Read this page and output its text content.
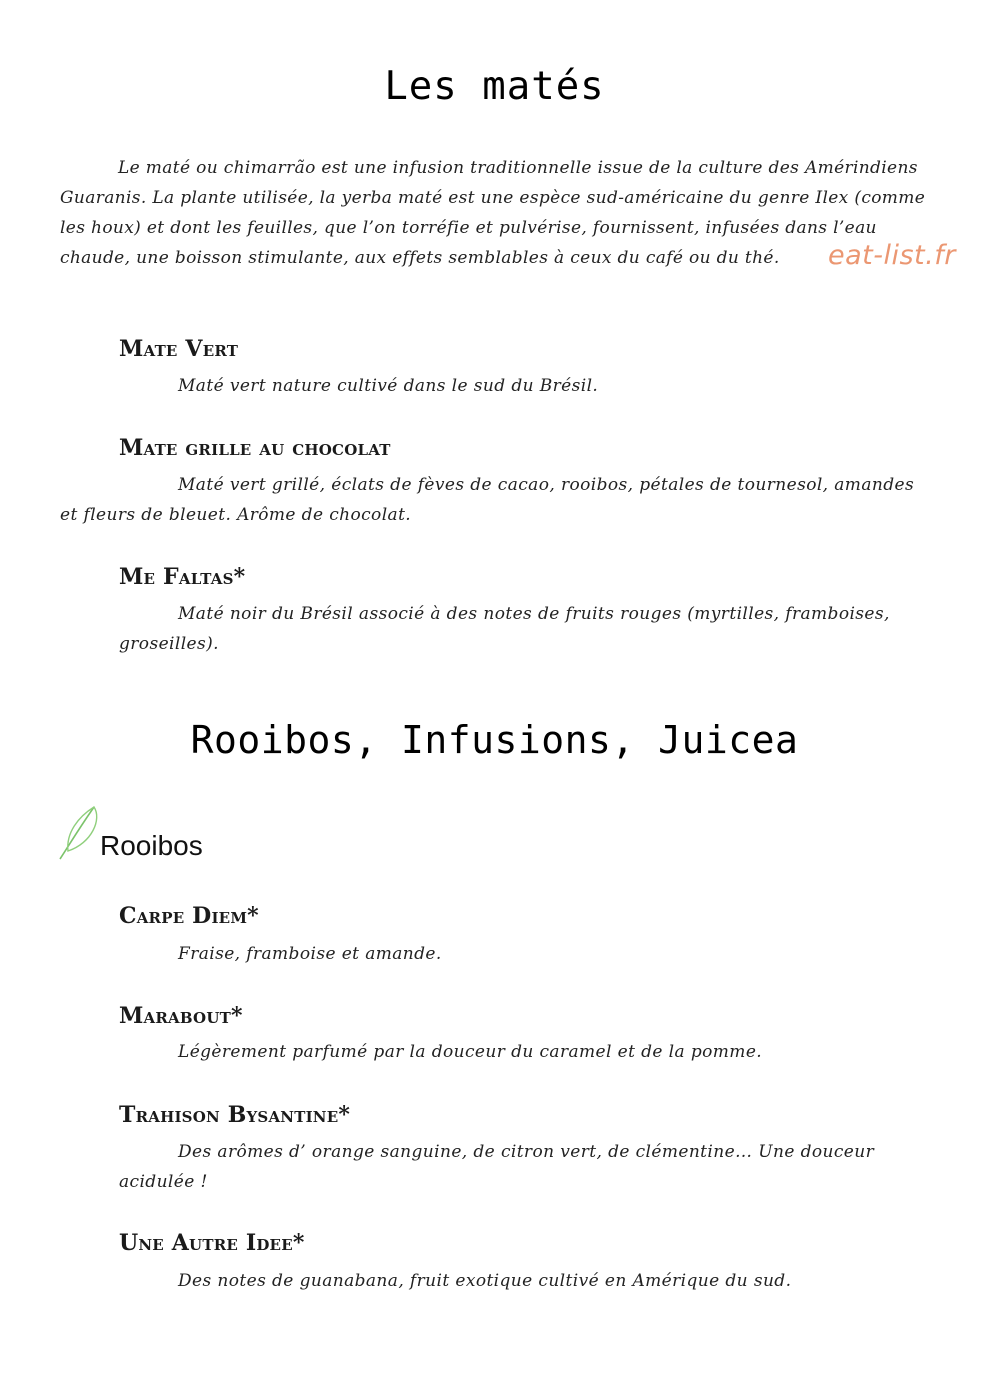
Les matés

Le maté ou chimarrão est une infusion traditionnelle issue de la culture des Amérindiens Guaranis. La plante utilisée, la yerba maté est une espèce sud-américaine du genre Ilex (comme les houx) et dont les feuilles, que l’on torréfie et pulvérise, fournissent, infusées dans l’eau chaude, une boisson stimulante, aux effets semblables à ceux du café ou du thé.	eat-list.fr

Mate Vert

Maté vert nature cultivé dans le sud du Brésil.

Mate grille au chocolat

Maté vert grillé, éclats de fèves de cacao, rooibos, pétales de tournesol, amandes et fleurs de bleuet. Arôme de chocolat.

Me Faltas*

Maté noir du Brésil associé à des notes de fruits rouges (myrtilles, framboises, groseilles).

Rooibos, Infusions, Juicea
Rooibos
Carpe Diem*

Fraise, framboise et amande.

Marabout*

Légèrement parfumé par la douceur du caramel et de la pomme.

Trahison Bysantine*

Des arômes d’ orange sanguine, de citron vert, de clémentine… Une douceur acidulée !

Une Autre Idee*

Des notes de guanabana, fruit exotique cultivé en Amérique du sud.
